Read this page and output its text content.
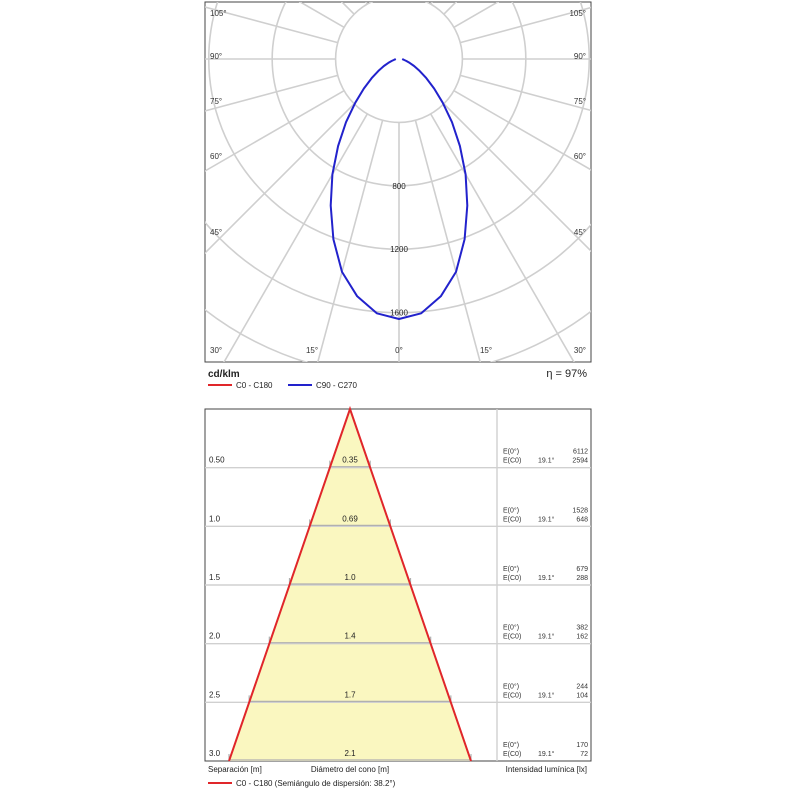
800
1200
1600
105°	105°
90°	90°
75°	75°
60°	60°
45°	45°
30°	30°
15°	0°	15°
cd/klm	η = 97%
C0 - C180	C90 - C270
0.50	0.35
E(0°)	6112
E(C0) 19.1°	2594
1.0	0.69
E(0°)	1528
E(C0) 19.1°	648
1.5	1.0
E(0°)	679
E(C0) 19.1°	288
2.0	1.4
E(0°)	382
E(C0) 19.1°	162
2.5	1.7
E(0°)	244
E(C0) 19.1°	104
3.0	2.1
E(0°)	170
E(C0) 19.1°	72
Separación [m]	Diámetro del cono [m]	Intensidad lumínica [lx]
C0 - C180 (Semiángulo de dispersión: 38.2°)
